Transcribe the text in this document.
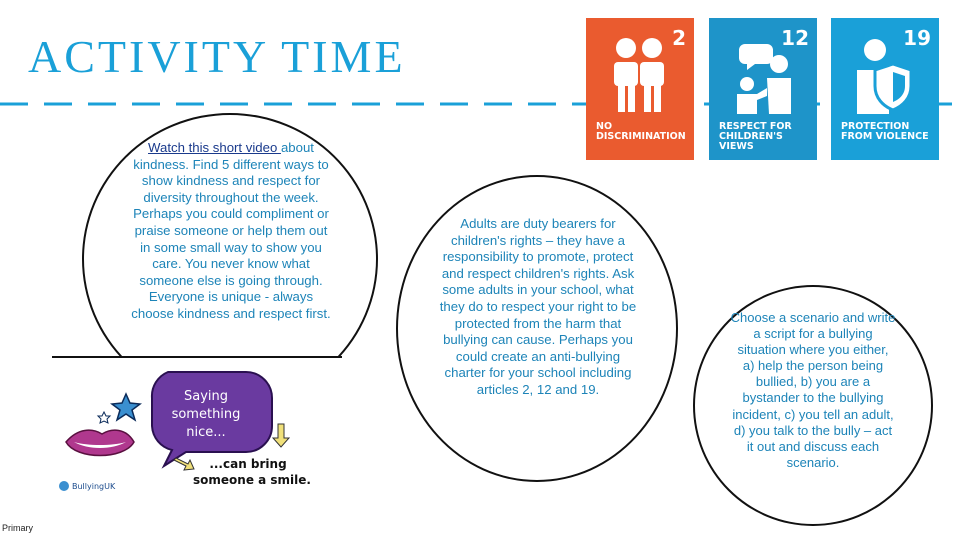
ACTIVITY TIME	2
NO DISCRIMINATION
12
RESPECT FOR CHILDREN'S VIEWS
19
PROTECTION FROM VIOLENCE
Watch this short video about kindness. Find 5 different ways to show kindness and respect for diversity throughout the week. Perhaps you could compliment or praise someone or help them out in some small way to show you care. You never know what someone else is going through. Everyone is unique - always choose kindness and respect first.
Saying
something
nice...
...can bring
someone a smile.
BullyingUK
Adults are duty bearers for children's rights – they have a responsibility to promote, protect and respect children's rights. Ask some adults in your school, what they do to respect your right to be protected from the harm that bullying can cause. Perhaps you could create an anti-bullying charter for your school including articles 2, 12 and 19.
Choose a scenario and write a script for a bullying situation where you either, a) help the person being bullied, b) you are a bystander to the bullying incident, c) you tell an adult, d) you talk to the bully – act it out and discuss each scenario.
Primary
